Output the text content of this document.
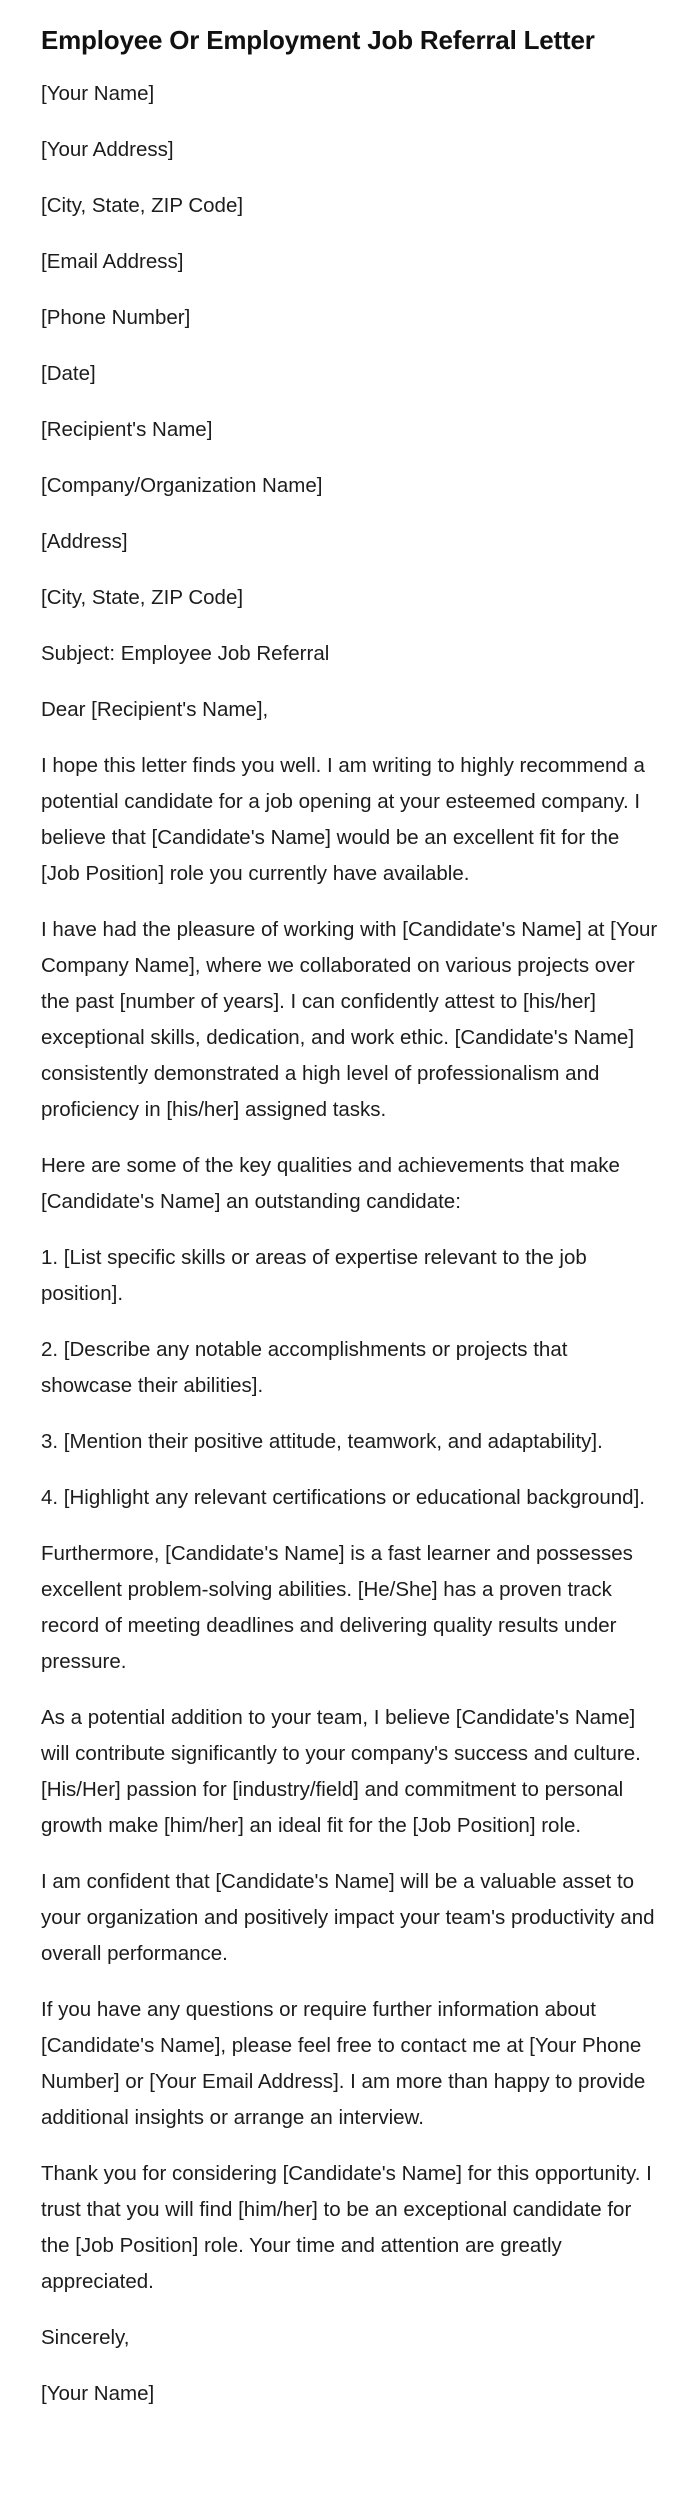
Employee Or Employment Job Referral Letter

[Your Name]

[Your Address]

[City, State, ZIP Code]

[Email Address]

[Phone Number]

[Date]

[Recipient's Name]

[Company/Organization Name]

[Address]

[City, State, ZIP Code]

Subject: Employee Job Referral

Dear [Recipient's Name],

I hope this letter finds you well. I am writing to highly recommend a potential candidate for a job opening at your esteemed company. I believe that [Candidate's Name] would be an excellent fit for the [Job Position] role you currently have available.

I have had the pleasure of working with [Candidate's Name] at [Your Company Name], where we collaborated on various projects over the past [number of years]. I can confidently attest to [his/her] exceptional skills, dedication, and work ethic. [Candidate's Name] consistently demonstrated a high level of professionalism and proficiency in [his/her] assigned tasks.

Here are some of the key qualities and achievements that make [Candidate's Name] an outstanding candidate:

1. [List specific skills or areas of expertise relevant to the job position].

2. [Describe any notable accomplishments or projects that showcase their abilities].

3. [Mention their positive attitude, teamwork, and adaptability].

4. [Highlight any relevant certifications or educational background].

Furthermore, [Candidate's Name] is a fast learner and possesses excellent problem-solving abilities. [He/She] has a proven track record of meeting deadlines and delivering quality results under pressure.

As a potential addition to your team, I believe [Candidate's Name] will contribute significantly to your company's success and culture. [His/Her] passion for [industry/field] and commitment to personal growth make [him/her] an ideal fit for the [Job Position] role.

I am confident that [Candidate's Name] will be a valuable asset to your organization and positively impact your team's productivity and overall performance.

If you have any questions or require further information about [Candidate's Name], please feel free to contact me at [Your Phone Number] or [Your Email Address]. I am more than happy to provide additional insights or arrange an interview.

Thank you for considering [Candidate's Name] for this opportunity. I trust that you will find [him/her] to be an exceptional candidate for the [Job Position] role. Your time and attention are greatly appreciated.

Sincerely,

[Your Name]
